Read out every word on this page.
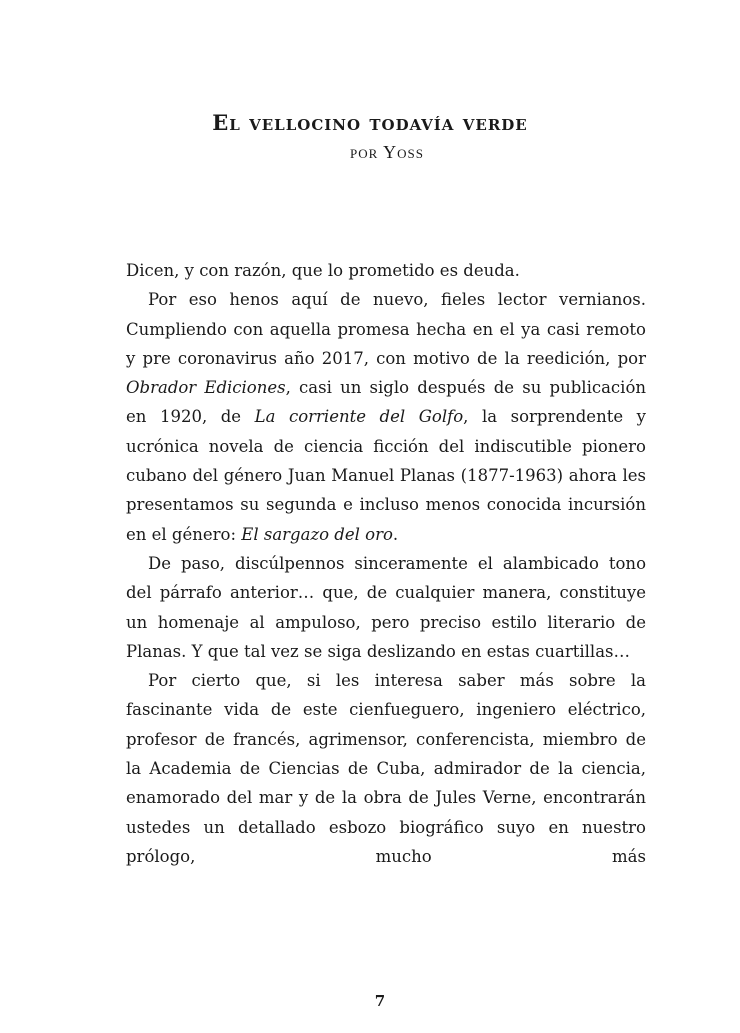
El vellocino todavía verde
por Yoss

Dicen, y con razón, que lo prometido es deuda.

Por eso henos aquí de nuevo, fieles lector vernianos. Cumpliendo con aquella promesa hecha en el ya casi remoto y pre coronavirus año 2017, con motivo de la reedición, por Obrador Ediciones, casi un siglo después de su publicación en 1920, de La corriente del Golfo, la sorprendente y ucrónica novela de ciencia ficción del indiscutible pionero cubano del género Juan Manuel Planas (1877-1963) ahora les presentamos su segunda e incluso menos conocida incursión en el género: El sargazo del oro.

De paso, discúlpennos sinceramente el alambicado tono del párrafo anterior… que, de cualquier manera, constituye un homenaje al ampuloso, pero preciso estilo literario de Planas. Y que tal vez se siga deslizando en estas cuartillas…

Por cierto que, si les interesa saber más sobre la fascinante vida de este cienfueguero, ingeniero eléctrico, profesor de francés, agrimensor, conferencista, miembro de la Academia de Ciencias de Cuba, admirador de la ciencia, enamorado del mar y de la obra de Jules Verne, encontrarán ustedes un detallado esbozo biográfico suyo en nuestro prólogo, mucho más

7
